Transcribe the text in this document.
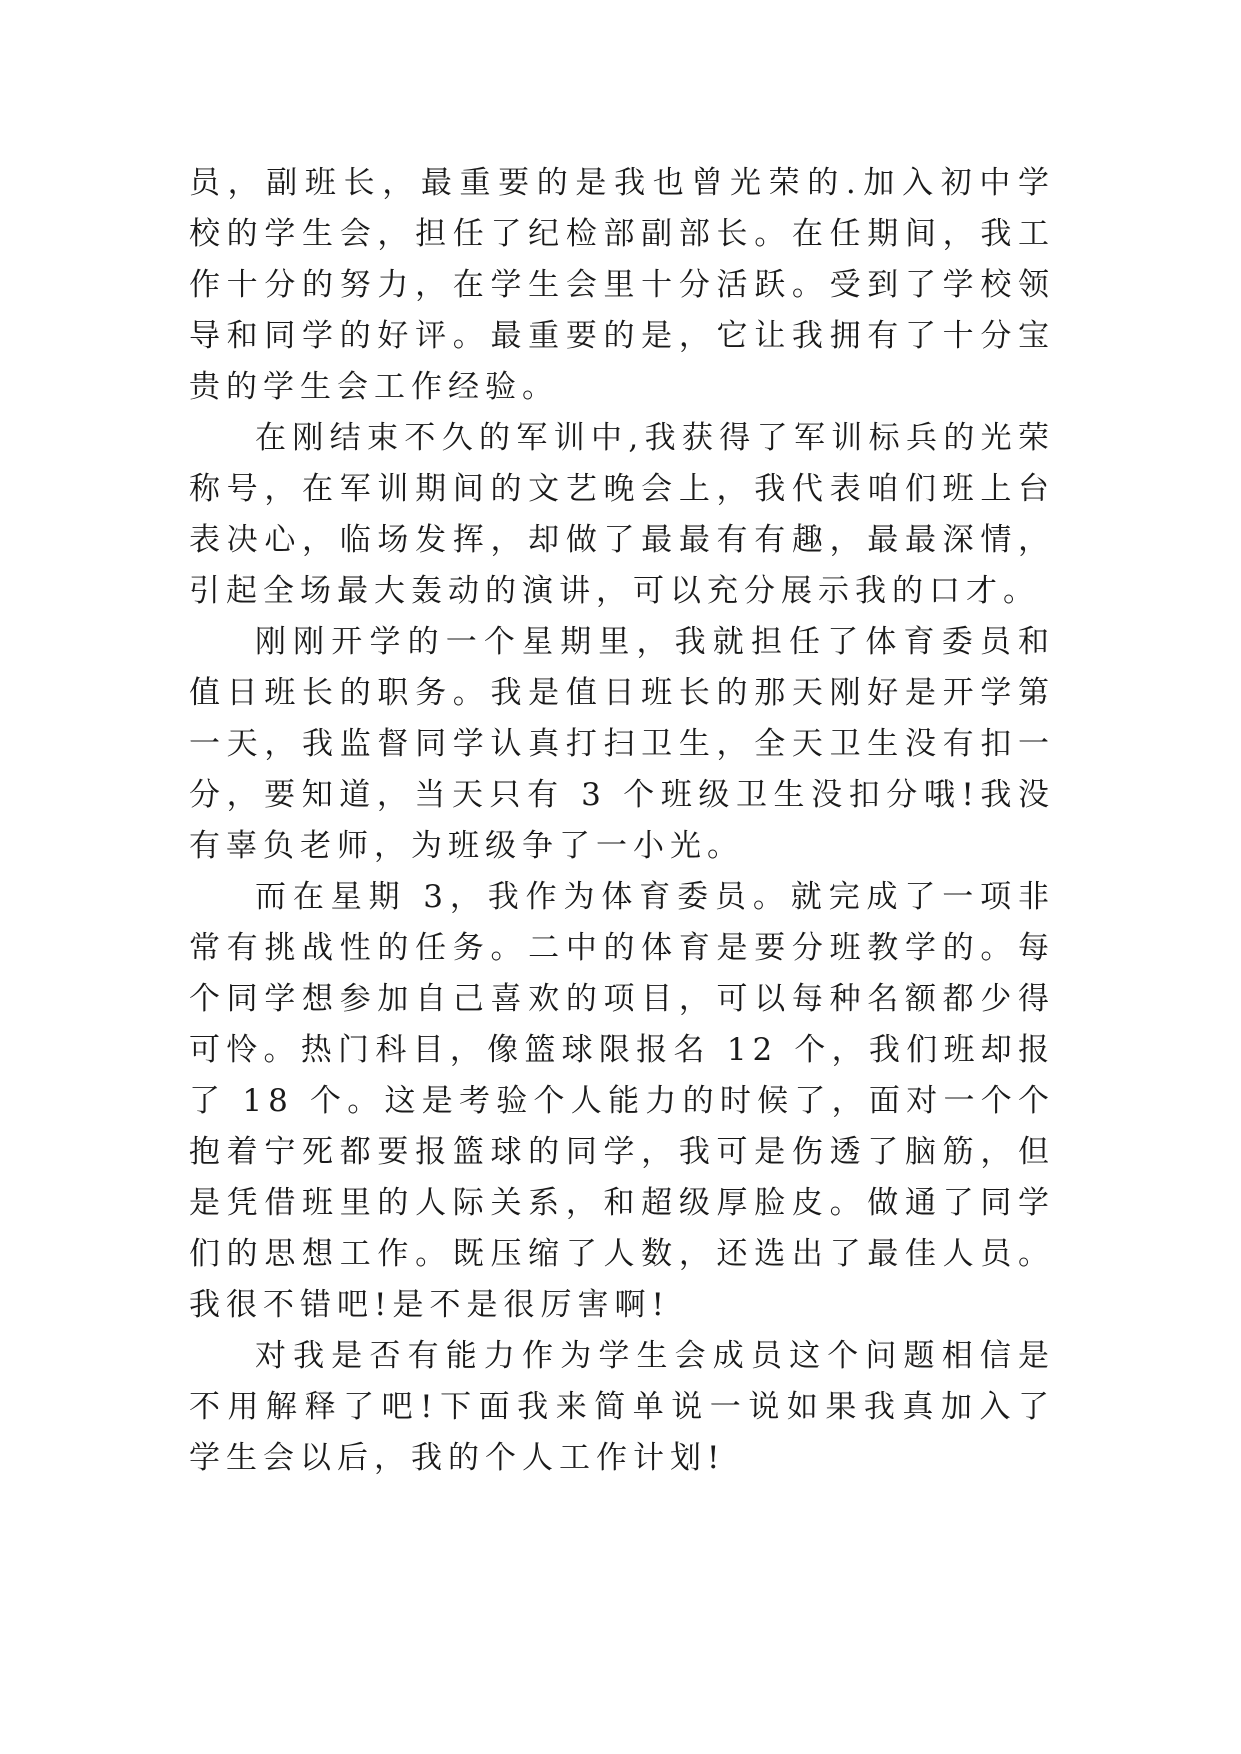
员，副班长，最重要的是我也曾光荣的.加入初中学校的学生会，担任了纪检部副部长。在任期间，我工作十分的努力，在学生会里十分活跃。受到了学校领导和同学的好评。最重要的是，它让我拥有了十分宝贵的学生会工作经验。

在刚结束不久的军训中,我获得了军训标兵的光荣称号，在军训期间的文艺晚会上，我代表咱们班上台表决心，临场发挥，却做了最最有有趣，最最深情，引起全场最大轰动的演讲，可以充分展示我的口才。

刚刚开学的一个星期里，我就担任了体育委员和值日班长的职务。我是值日班长的那天刚好是开学第一天，我监督同学认真打扫卫生，全天卫生没有扣一分，要知道，当天只有 3 个班级卫生没扣分哦!我没有辜负老师，为班级争了一小光。

而在星期 3，我作为体育委员。就完成了一项非常有挑战性的任务。二中的体育是要分班教学的。每个同学想参加自己喜欢的项目，可以每种名额都少得可怜。热门科目，像篮球限报名 12 个，我们班却报了 18 个。这是考验个人能力的时候了，面对一个个抱着宁死都要报篮球的同学，我可是伤透了脑筋，但是凭借班里的人际关系，和超级厚脸皮。做通了同学们的思想工作。既压缩了人数，还选出了最佳人员。我很不错吧!是不是很厉害啊!

对我是否有能力作为学生会成员这个问题相信是不用解释了吧!下面我来简单说一说如果我真加入了学生会以后，我的个人工作计划!
